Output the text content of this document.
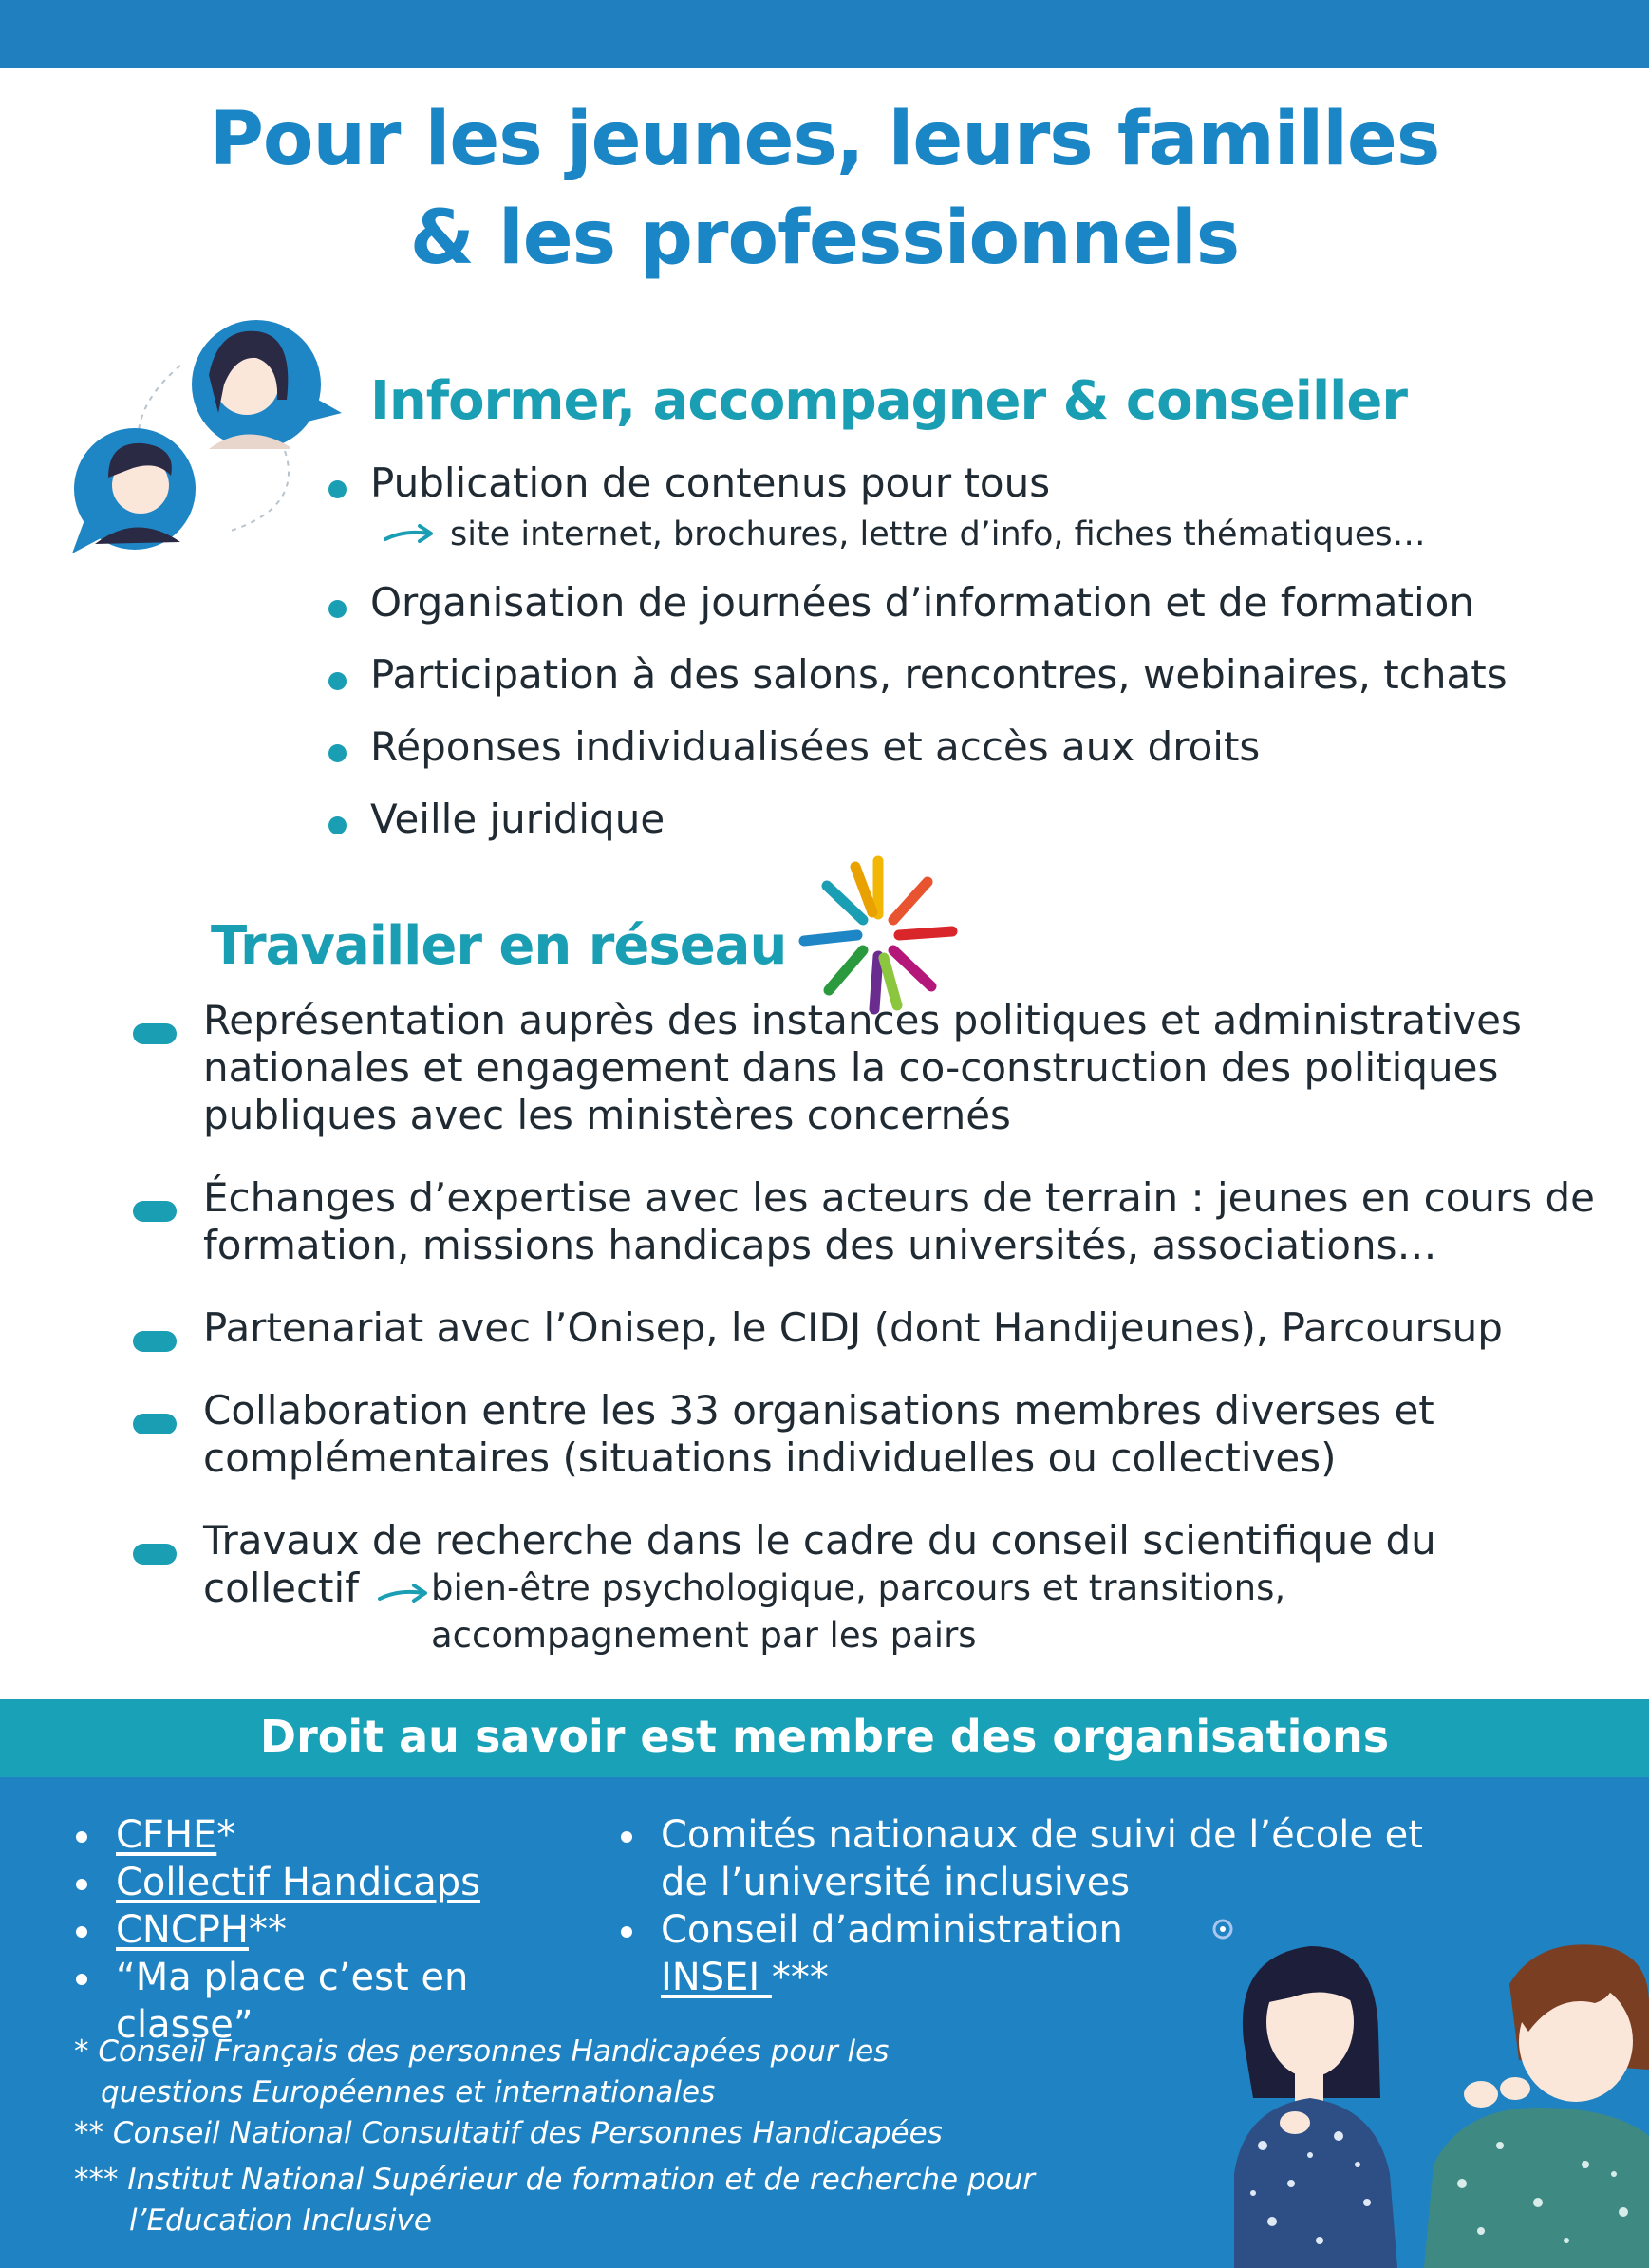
Pour les jeunes, leurs familles
& les professionnels
Informer, accompagner & conseiller
Publication de contenus pour tous
site internet, brochures, lettre d’info, fiches thématiques…
Organisation de journées d’information et de formation
Participation à des salons, rencontres, webinaires, tchats
Réponses individualisées et accès aux droits
Veille juridique
Travailler en réseau
Représentation auprès des instances politiques et administratives nationales et engagement dans la co-construction des politiques publiques avec les ministères concernés
Échanges d’expertise avec les acteurs de terrain : jeunes en cours de formation, missions handicaps des universités, associations…
Partenariat avec l’Onisep, le CIDJ (dont Handijeunes), Parcoursup
Collaboration entre les 33 organisations membres diverses et complémentaires (situations individuelles ou collectives)
Travaux de recherche dans le cadre du conseil scientifique du
collectif bien-être psychologique, parcours et transitions, accompagnement par les pairs
Droit au savoir est membre des organisations
CFHE*
Collectif Handicaps
CNCPH**
“Ma place c’est en classe”
Comités nationaux de suivi de l’école et de l’université inclusives
Conseil d’administration
INSEI ***

* Conseil Français des personnes Handicapées pour les

questions Européennes et internationales

** Conseil National Consultatif des Personnes Handicapées

*** Institut National Supérieur de formation et de recherche pour

l’Education Inclusive
